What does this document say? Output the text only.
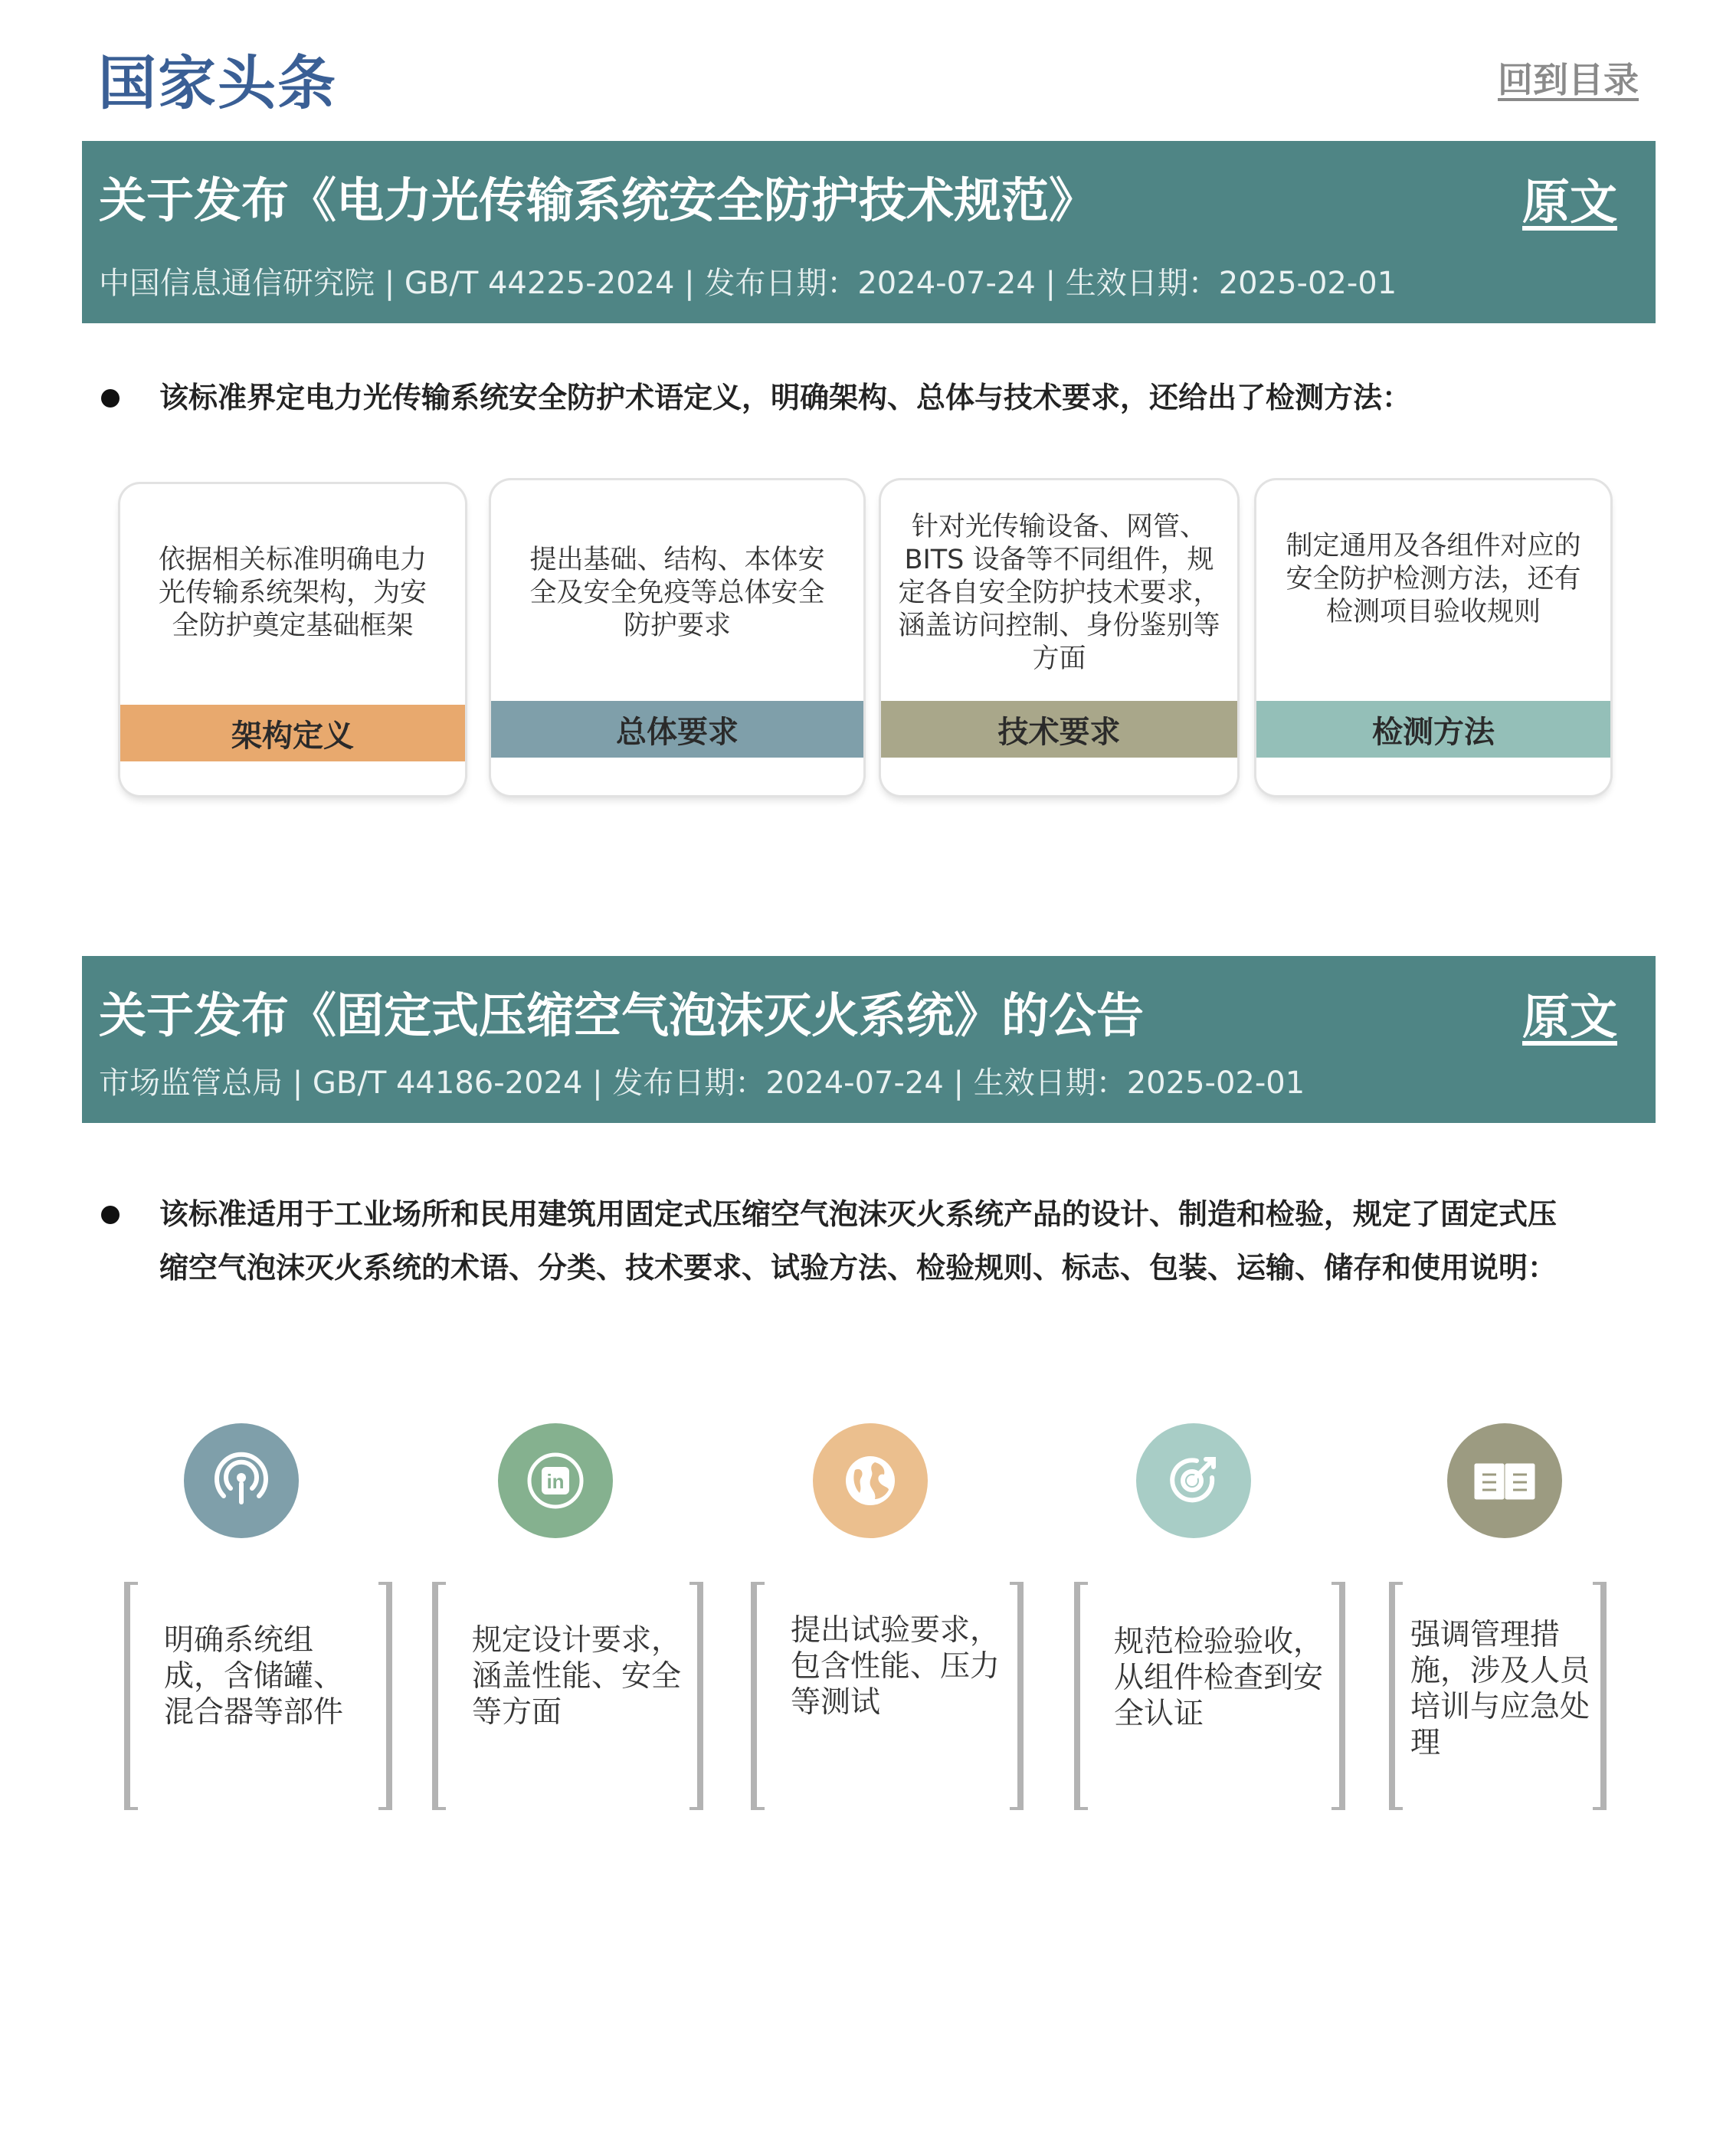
国家头条	回到目录
关于发布《电力光传输系统安全防护技术规范》	原文
中国信息通信研究院 | GB/T 44225-2024 | 发布日期：2024-07-24 | 生效日期：2025-02-01
该标准界定电力光传输系统安全防护术语定义，明确架构、总体与技术要求，还给出了检测方法：
依据相关标准明确电力光传输系统架构，为安全防护奠定基础框架
架构定义
提出基础、结构、本体安全及安全免疫等总体安全防护要求
总体要求
针对光传输设备、网管、BITS 设备等不同组件，规定各自安全防护技术要求，涵盖访问控制、身份鉴别等方面
技术要求
制定通用及各组件对应的安全防护检测方法，还有检测项目验收规则
检测方法
关于发布《固定式压缩空气泡沫灭火系统》的公告	原文
市场监管总局 | GB/T 44186-2024 | 发布日期：2024-07-24 | 生效日期：2025-02-01
该标准适用于工业场所和民用建筑用固定式压缩空气泡沫灭火系统产品的设计、制造和检验，规定了固定式压
缩空气泡沫灭火系统的术语、分类、技术要求、试验方法、检验规则、标志、包装、运输、储存和使用说明：
in
明确系统组成，含储罐、混合器等部件
规定设计要求，涵盖性能、安全等方面
提出试验要求，包含性能、压力等测试
规范检验验收，从组件检查到安全认证
强调管理措施，涉及人员培训与应急处理
